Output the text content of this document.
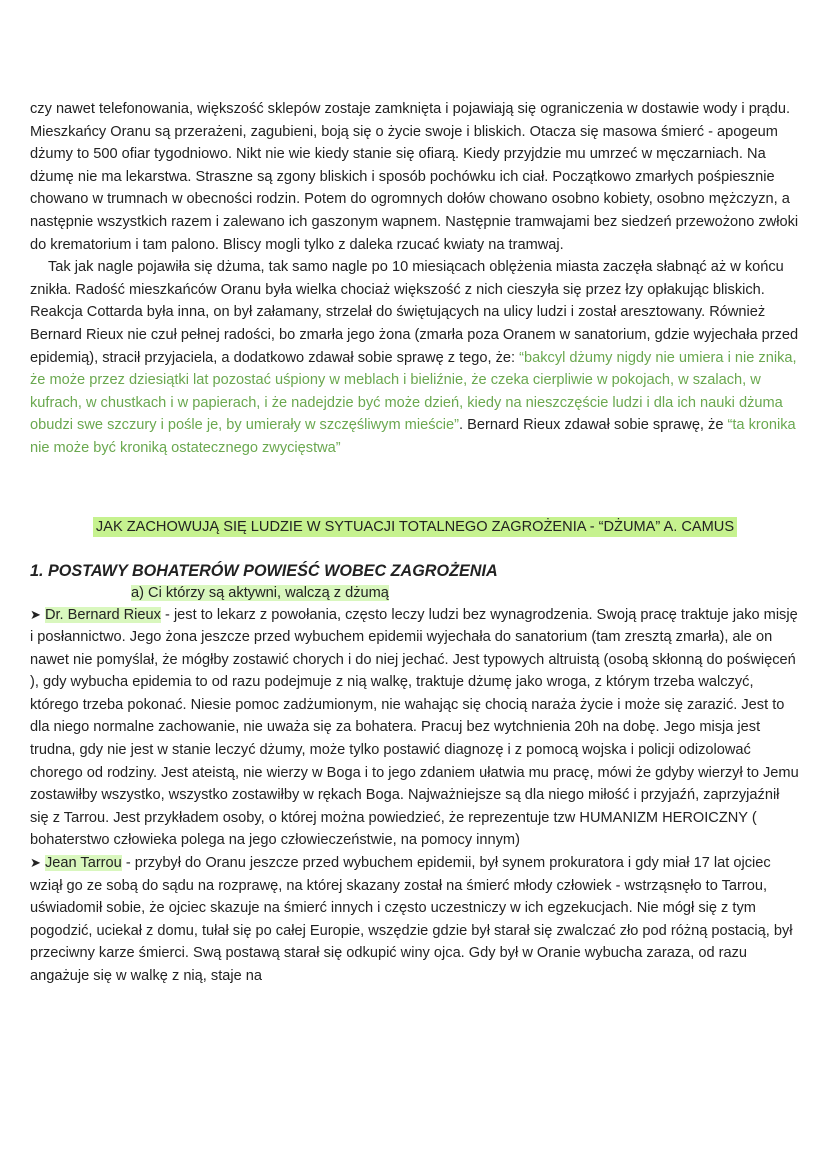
czy nawet telefonowania, większość sklepów zostaje zamknięta i pojawiają się ograniczenia w dostawie wody i prądu. Mieszkańcy Oranu są przerażeni, zagubieni, boją się o życie swoje i bliskich. Otacza się masowa śmierć - apogeum dżumy to 500 ofiar tygodniowo. Nikt nie wie kiedy stanie się ofiarą. Kiedy przyjdzie mu umrzeć w męczarniach. Na dżumę nie ma lekarstwa. Straszne są zgony bliskich i sposób pochówku ich ciał. Początkowo zmarłych pośpiesznie chowano w trumnach w obecności rodzin. Potem do ogromnych dołów chowano osobno kobiety, osobno mężczyzn, a następnie wszystkich razem i zalewano ich gaszonym wapnem. Następnie tramwajami bez siedzeń przewożono zwłoki do krematorium i tam palono. Bliscy mogli tylko z daleka rzucać kwiaty na tramwaj.

Tak jak nagle pojawiła się dżuma, tak samo nagle po 10 miesiącach oblężenia miasta zaczęła słabnąć aż w końcu znikła. Radość mieszkańców Oranu była wielka chociaż większość z nich cieszyła się przez łzy opłakując bliskich. Reakcja Cottarda była inna, on był załamany, strzelał do świętujących na ulicy ludzi i został aresztowany. Również Bernard Rieux nie czuł pełnej radości, bo zmarła jego żona (zmarła poza Oranem w sanatorium, gdzie wyjechała przed epidemią), stracił przyjaciela, a dodatkowo zdawał sobie sprawę z tego, że: “bakcyl dżumy nigdy nie umiera i nie znika, że może przez dziesiątki lat pozostać uśpiony w meblach i bieliźnie, że czeka cierpliwie w pokojach, w szalach, w kufrach, w chustkach i w papierach, i że nadejdzie być może dzień, kiedy na nieszczęście ludzi i dla ich nauki dżuma obudzi swe szczury i pośle je, by umierały w szczęśliwym mieście”. Bernard Rieux zdawał sobie sprawę, że “ta kronika nie może być kroniką ostatecznego zwycięstwa”

JAK ZACHOWUJĄ SIĘ LUDZIE W SYTUACJI TOTALNEGO ZAGROŻENIA - “DŻUMA” A. CAMUS

1. POSTAWY BOHATERÓW POWIEŚĆ WOBEC ZAGROŻENIA

a) Ci którzy są aktywni, walczą z dżumą

➤ Dr. Bernard Rieux - jest to lekarz z powołania, często leczy ludzi bez wynagrodzenia. Swoją pracę traktuje jako misję i posłannictwo. Jego żona jeszcze przed wybuchem epidemii wyjechała do sanatorium (tam zresztą zmarła), ale on nawet nie pomyślał, że mógłby zostawić chorych i do niej jechać. Jest typowych altruistą (osobą skłonną do poświęceń ), gdy wybucha epidemia to od razu podejmuje z nią walkę, traktuje dżumę jako wroga, z którym trzeba walczyć, którego trzeba pokonać. Niesie pomoc zadżumionym, nie wahając się chocią naraża życie i może się zarazić. Jest to dla niego normalne zachowanie, nie uważa się za bohatera. Pracuj bez wytchnienia 20h na dobę. Jego misja jest trudna, gdy nie jest w stanie leczyć dżumy, może tylko postawić diagnozę i z pomocą wojska i policji odizolować chorego od rodziny. Jest ateistą, nie wierzy w Boga i to jego zdaniem ułatwia mu pracę, mówi że gdyby wierzył to Jemu zostawiłby wszystko, wszystko zostawiłby w rękach Boga. Najważniejsze są dla niego miłość i przyjaźń, zaprzyjaźnił się z Tarrou. Jest przykładem osoby, o której można powiedzieć, że reprezentuje tzw HUMANIZM HEROICZNY ( bohaterstwo człowieka polega na jego człowieczeństwie, na pomocy innym)

➤ Jean Tarrou - przybył do Oranu jeszcze przed wybuchem epidemii, był synem prokuratora i gdy miał 17 lat ojciec wziął go ze sobą do sądu na rozprawę, na której skazany został na śmierć młody człowiek - wstrząsnęło to Tarrou, uświadomił sobie, że ojciec skazuje na śmierć innych i często uczestniczy w ich egzekucjach. Nie mógł się z tym pogodzić, uciekał z domu, tułał się po całej Europie, wszędzie gdzie był starał się zwalczać zło pod różną postacią, był przeciwny karze śmierci. Swą postawą starał się odkupić winy ojca. Gdy był w Oranie wybucha zaraza, od razu angażuje się w walkę z nią, staje na
